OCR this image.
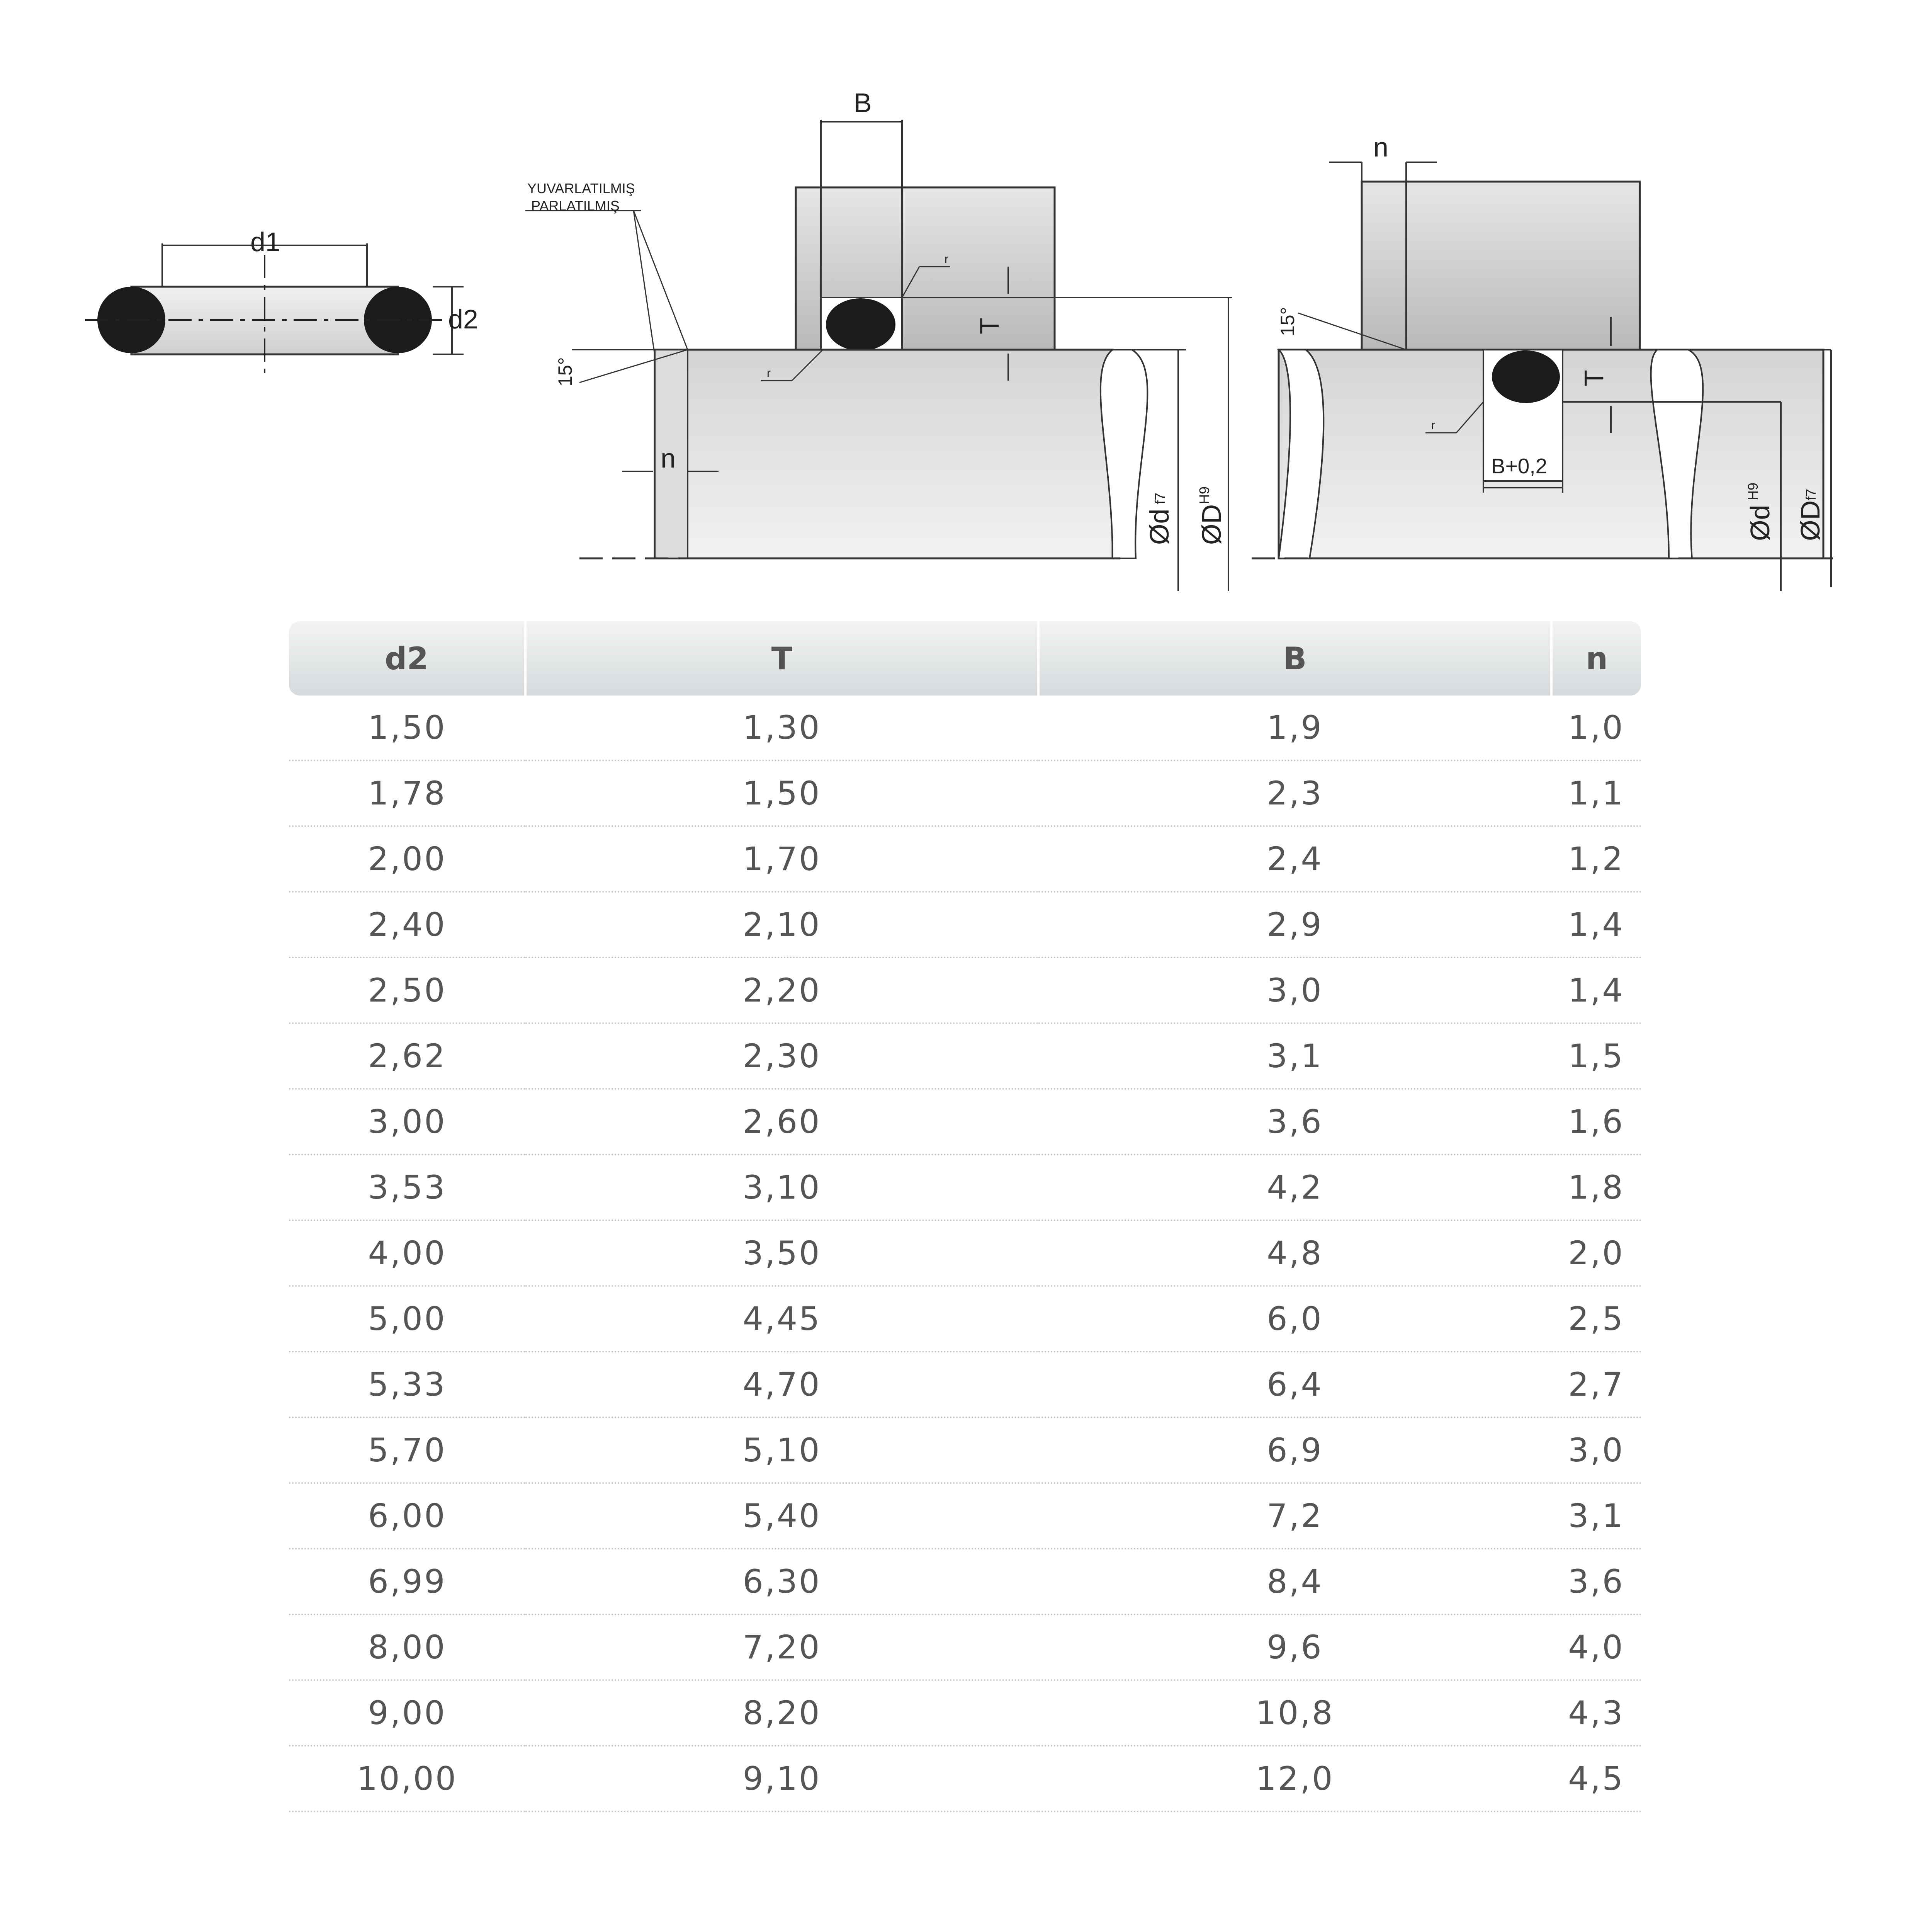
d1
d2
B
T
n
YUVARLATILMIŞ
PARLATILMIŞ
15°
r
r
Ød
f7
ØD
H9
n
15°
T
r
B+0,2
Ød
H9
ØD
f7
d2	T	B	n
1,50	1,30	1,9	1,0
1,78	1,50	2,3	1,1
2,00	1,70	2,4	1,2
2,40	2,10	2,9	1,4
2,50	2,20	3,0	1,4
2,62	2,30	3,1	1,5
3,00	2,60	3,6	1,6
3,53	3,10	4,2	1,8
4,00	3,50	4,8	2,0
5,00	4,45	6,0	2,5
5,33	4,70	6,4	2,7
5,70	5,10	6,9	3,0
6,00	5,40	7,2	3,1
6,99	6,30	8,4	3,6
8,00	7,20	9,6	4,0
9,00	8,20	10,8	4,3
10,00	9,10	12,0	4,5
